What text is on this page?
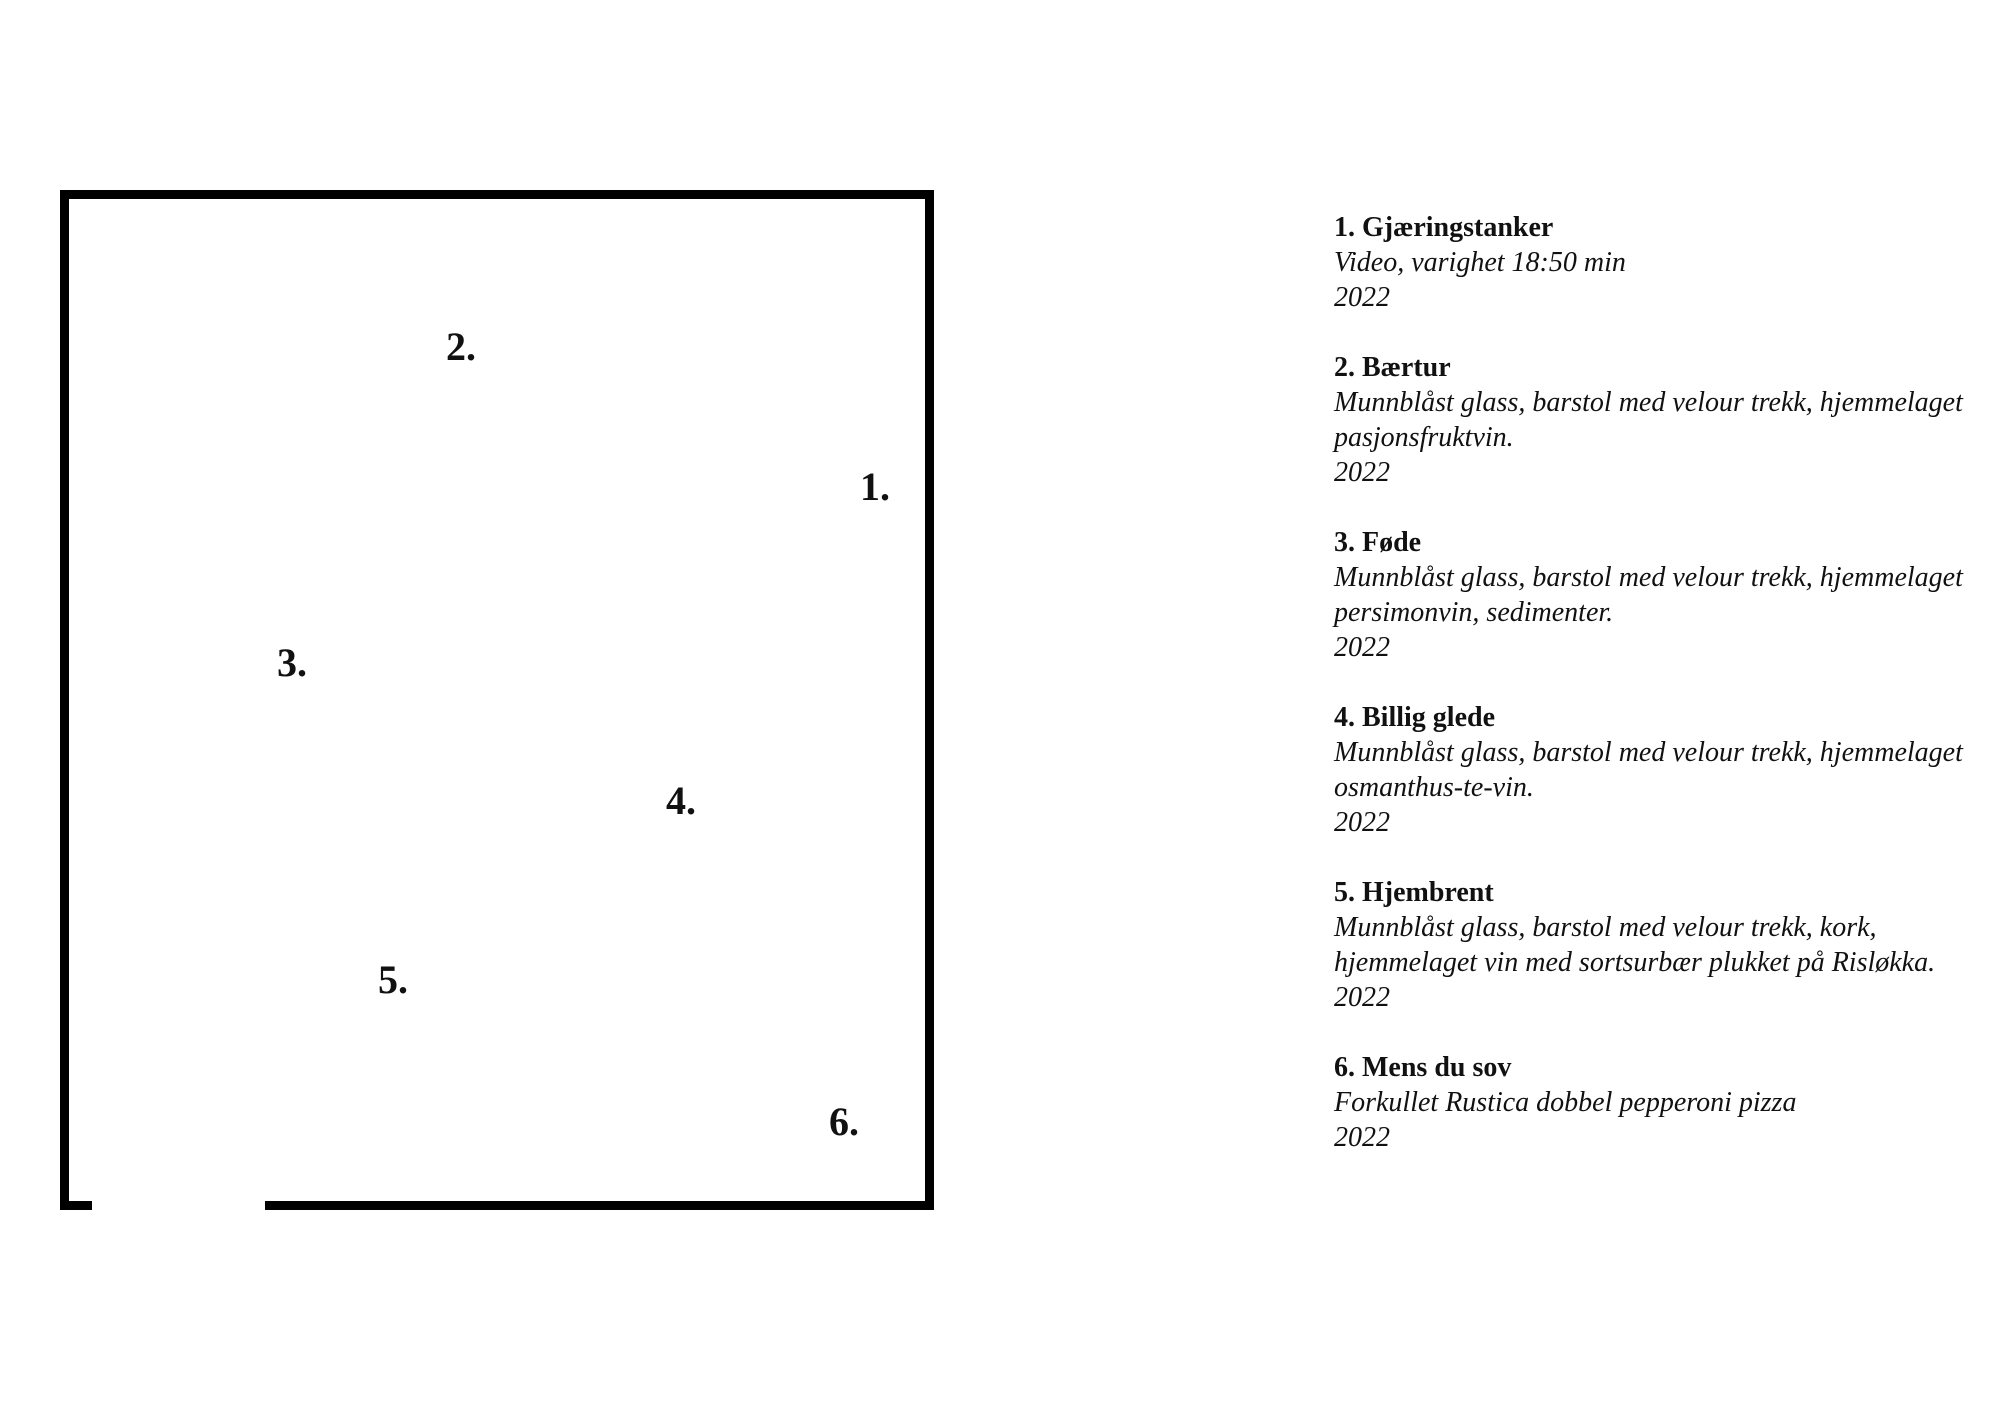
1.
2.
3.
4.
5.
6.
1. Gjæringstanker
Video, varighet 18:50 min
2022
2. Bærtur
Munnblåst glass, barstol med velour trekk, hjemmelaget pasjonsfruktvin.
2022
3. Føde
Munnblåst glass, barstol med velour trekk, hjemmelaget persimonvin, sedimenter.
2022
4. Billig glede
Munnblåst glass, barstol med velour trekk, hjemmelaget osmanthus-te-vin.
2022
5. Hjembrent
Munnblåst glass, barstol med velour trekk, kork, hjemmelaget vin med sortsurbær plukket på Risløkka.
2022
6. Mens du sov
Forkullet Rustica dobbel pepperoni pizza
2022
